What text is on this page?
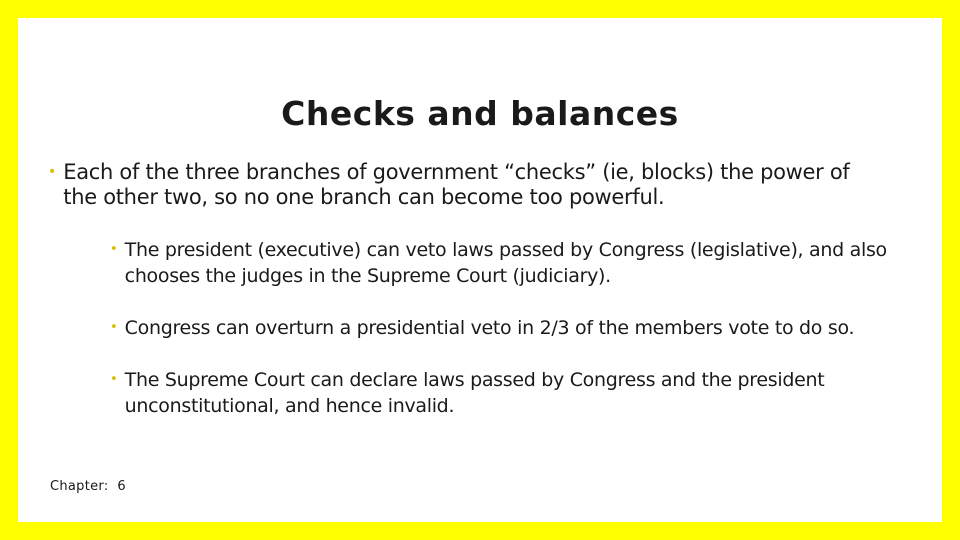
Checks and balances
• Each of the three branches of government “checks” (ie, blocks) the power of the other two, so no one branch can become too powerful.
• The president (executive) can veto laws passed by Congress (legislative), and also chooses the judges in the Supreme Court (judiciary).
• Congress can overturn a presidential veto in 2/3 of the members vote to do so.
• The Supreme Court can declare laws passed by Congress and the president unconstitutional, and hence invalid.
Chapter: 6
